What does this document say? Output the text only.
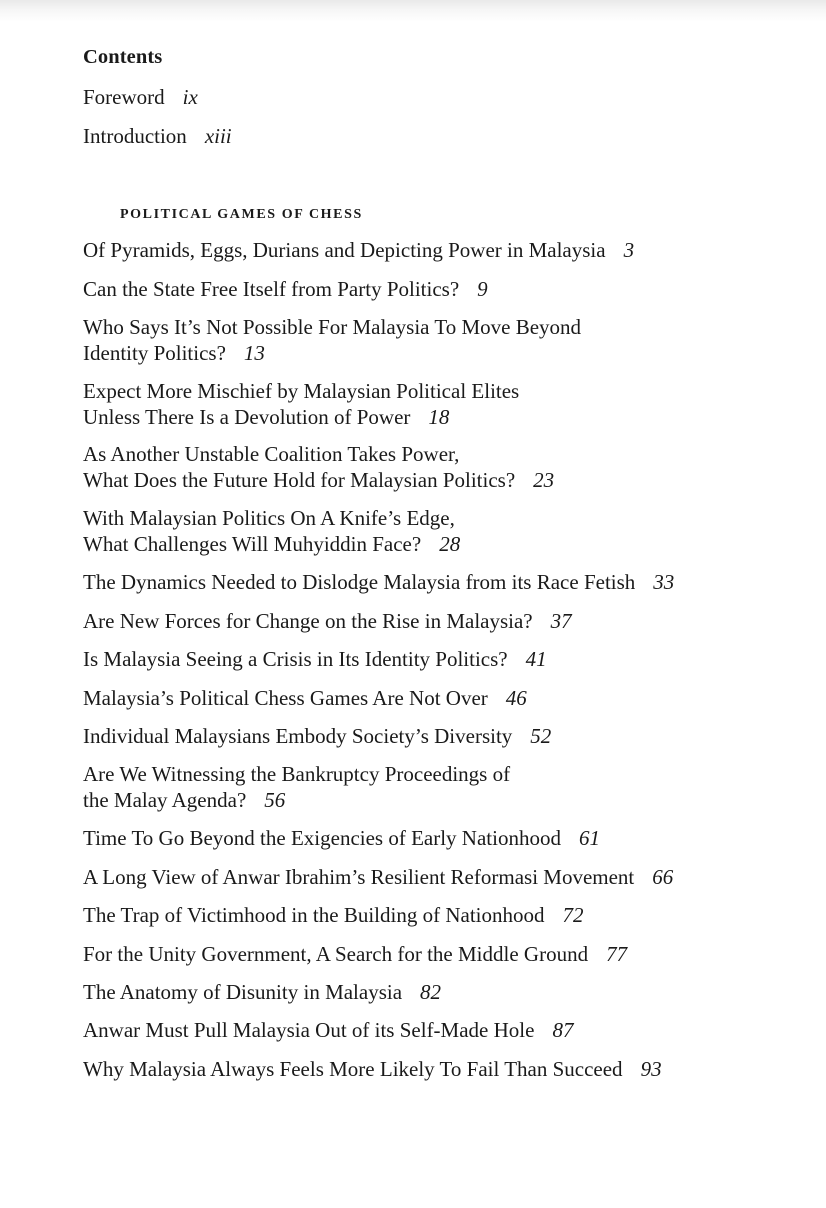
Contents
Foreword ix
Introduction xiii
POLITICAL GAMES OF CHESS
Of Pyramids, Eggs, Durians and Depicting Power in Malaysia 3
Can the State Free Itself from Party Politics? 9
Who Says It’s Not Possible For Malaysia To Move Beyond
Identity Politics? 13
Expect More Mischief by Malaysian Political Elites
Unless There Is a Devolution of Power 18
As Another Unstable Coalition Takes Power,
What Does the Future Hold for Malaysian Politics? 23
With Malaysian Politics On A Knife’s Edge,
What Challenges Will Muhyiddin Face? 28
The Dynamics Needed to Dislodge Malaysia from its Race Fetish 33
Are New Forces for Change on the Rise in Malaysia? 37
Is Malaysia Seeing a Crisis in Its Identity Politics? 41
Malaysia’s Political Chess Games Are Not Over 46
Individual Malaysians Embody Society’s Diversity 52
Are We Witnessing the Bankruptcy Proceedings of
the Malay Agenda? 56
Time To Go Beyond the Exigencies of Early Nationhood 61
A Long View of Anwar Ibrahim’s Resilient Reformasi Movement 66
The Trap of Victimhood in the Building of Nationhood 72
For the Unity Government, A Search for the Middle Ground 77
The Anatomy of Disunity in Malaysia 82
Anwar Must Pull Malaysia Out of its Self-Made Hole 87
Why Malaysia Always Feels More Likely To Fail Than Succeed 93
